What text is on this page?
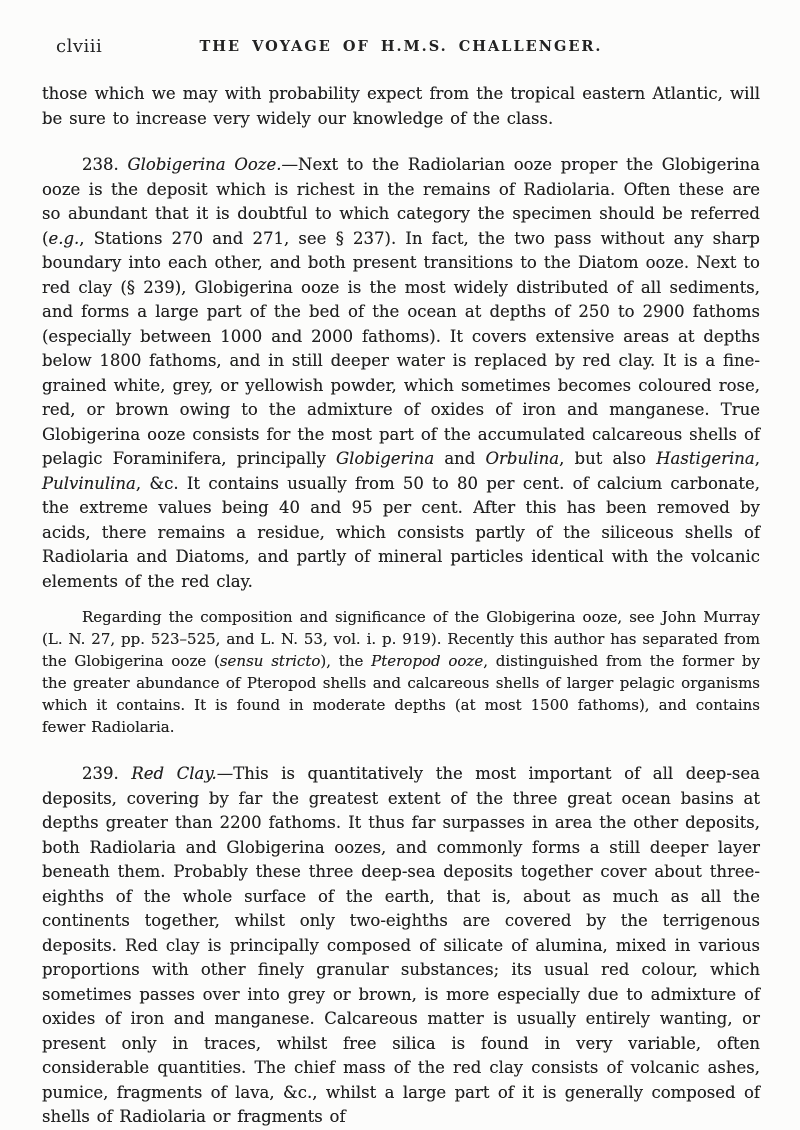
clviii	THE VOYAGE OF H.M.S. CHALLENGER.

those which we may with probability expect from the tropical eastern Atlantic, will be sure to increase very widely our knowledge of the class.

238. Globigerina Ooze.—Next to the Radiolarian ooze proper the Globigerina ooze is the deposit which is richest in the remains of Radiolaria. Often these are so abundant that it is doubtful to which category the specimen should be referred (e.g., Stations 270 and 271, see § 237). In fact, the two pass without any sharp boundary into each other, and both present transitions to the Diatom ooze. Next to red clay (§ 239), Globigerina ooze is the most widely distributed of all sediments, and forms a large part of the bed of the ocean at depths of 250 to 2900 fathoms (especially between 1000 and 2000 fathoms). It covers extensive areas at depths below 1800 fathoms, and in still deeper water is replaced by red clay. It is a fine-grained white, grey, or yellowish powder, which sometimes becomes coloured rose, red, or brown owing to the admixture of oxides of iron and manganese. True Globigerina ooze consists for the most part of the accumulated calcareous shells of pelagic Foraminifera, principally Globigerina and Orbulina, but also Hastigerina, Pulvinulina, &c. It contains usually from 50 to 80 per cent. of calcium carbonate, the extreme values being 40 and 95 per cent. After this has been removed by acids, there remains a residue, which consists partly of the siliceous shells of Radiolaria and Diatoms, and partly of mineral particles identical with the volcanic elements of the red clay.

Regarding the composition and significance of the Globigerina ooze, see John Murray (L. N. 27, pp. 523–525, and L. N. 53, vol. i. p. 919). Recently this author has separated from the Globigerina ooze (sensu stricto), the Pteropod ooze, distinguished from the former by the greater abundance of Pteropod shells and calcareous shells of larger pelagic organisms which it contains. It is found in moderate depths (at most 1500 fathoms), and contains fewer Radiolaria.

239. Red Clay.—This is quantitatively the most important of all deep-sea deposits, covering by far the greatest extent of the three great ocean basins at depths greater than 2200 fathoms. It thus far surpasses in area the other deposits, both Radiolaria and Globigerina oozes, and commonly forms a still deeper layer beneath them. Probably these three deep-sea deposits together cover about three-eighths of the whole surface of the earth, that is, about as much as all the continents together, whilst only two-eighths are covered by the terrigenous deposits. Red clay is principally composed of silicate of alumina, mixed in various proportions with other finely granular substances; its usual red colour, which sometimes passes over into grey or brown, is more especially due to admixture of oxides of iron and manganese. Calcareous matter is usually entirely wanting, or present only in traces, whilst free silica is found in very variable, often considerable quantities. The chief mass of the red clay consists of volcanic ashes, pumice, fragments of lava, &c., whilst a large part of it is generally composed of shells of Radiolaria or fragments of
